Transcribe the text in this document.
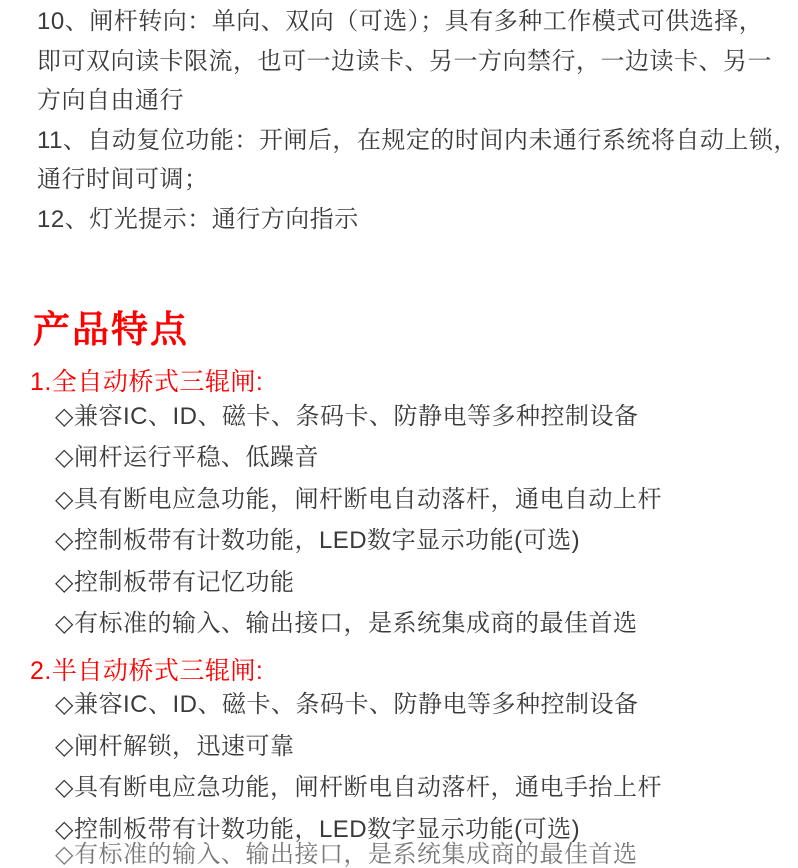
10、闸杆转向：单向、双向（可选）；具有多种工作模式可供选择，
即可双向读卡限流，也可一边读卡、另一方向禁行，一边读卡、另一
方向自由通行
11、自动复位功能：开闸后，在规定的时间内未通行系统将自动上锁，
通行时间可调；
12、灯光提示：通行方向指示
产品特点
1.全自动桥式三辊闸:
◇兼容IC、ID、磁卡、条码卡、防静电等多种控制设备
◇闸杆运行平稳、低躁音
◇具有断电应急功能，闸杆断电自动落杆，通电自动上杆
◇控制板带有计数功能，LED数字显示功能(可选)
◇控制板带有记忆功能
◇有标准的输入、输出接口，是系统集成商的最佳首选
2.半自动桥式三辊闸:
◇兼容IC、ID、磁卡、条码卡、防静电等多种控制设备
◇闸杆解锁，迅速可靠
◇具有断电应急功能，闸杆断电自动落杆，通电手抬上杆
◇控制板带有计数功能，LED数字显示功能(可选)
◇有标准的输入、输出接口，是系统集成商的最佳首选
